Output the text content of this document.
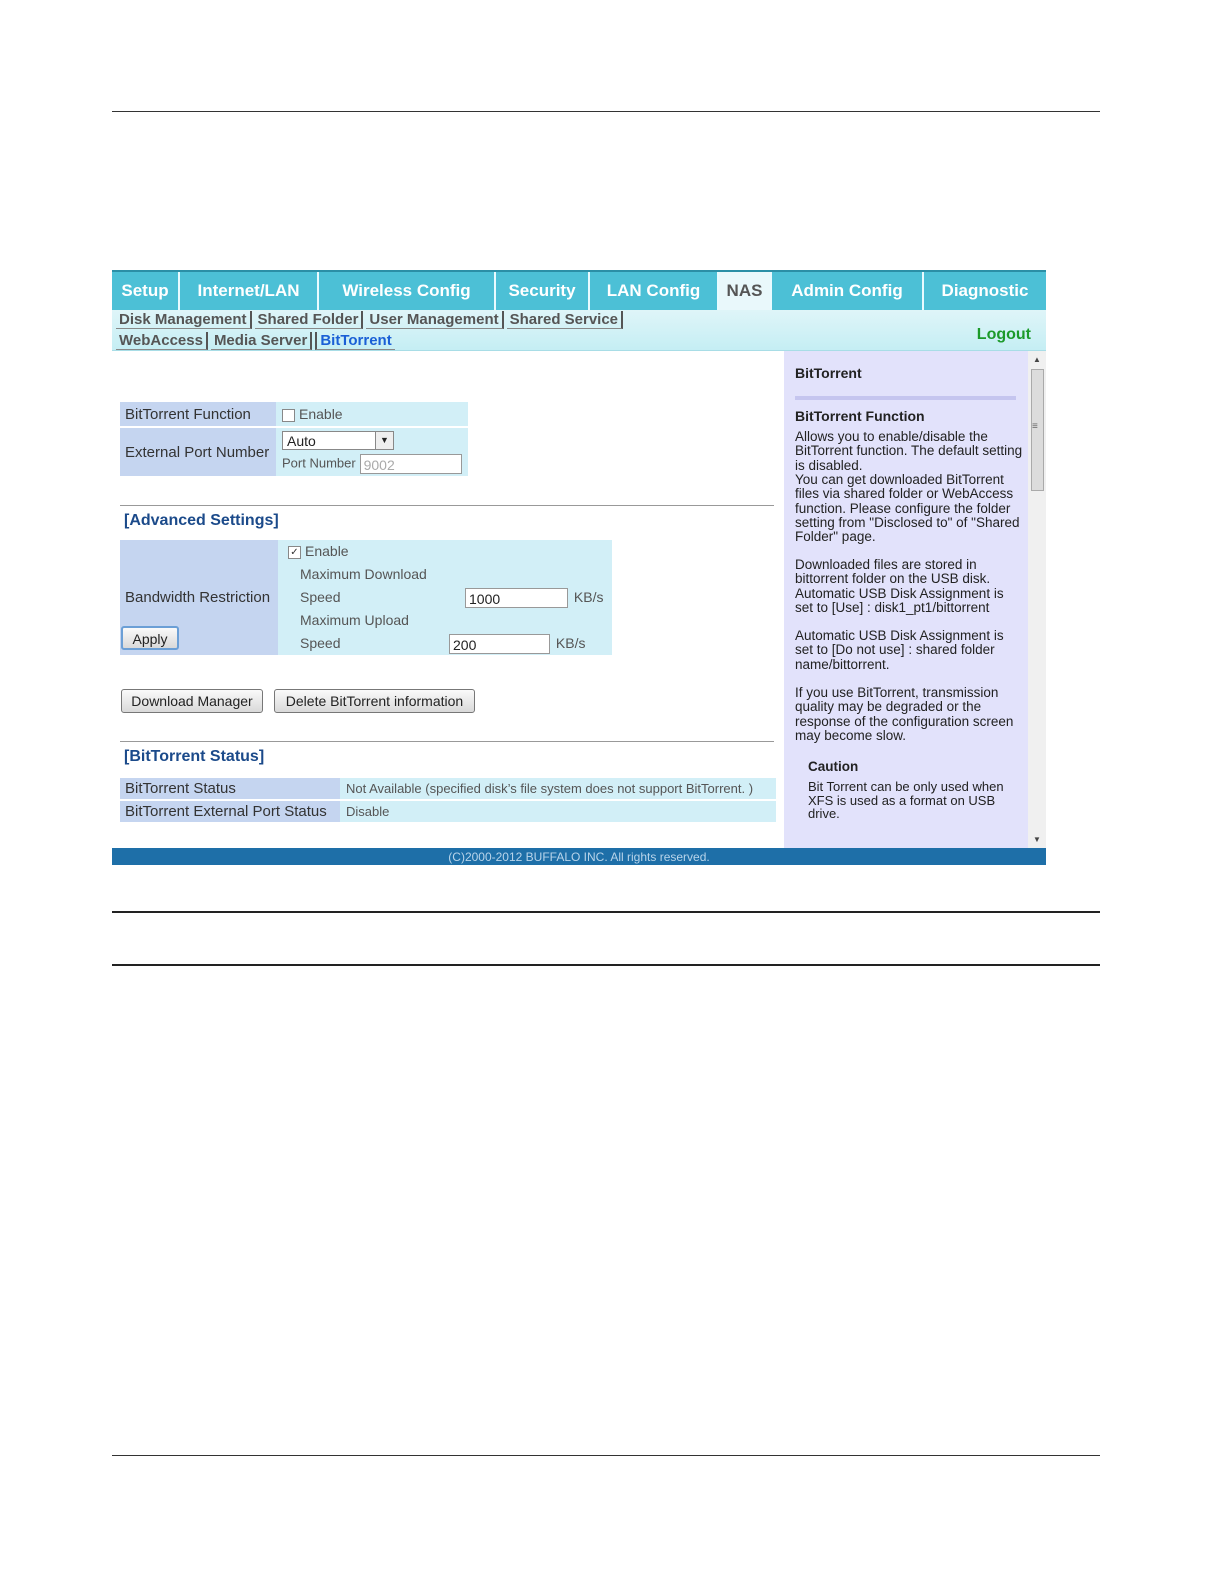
Setup	Internet/LAN	Wireless Config	Security	LAN Config	NAS	Admin Config	Diagnostic
Disk Management Shared Folder User Management Shared Service
WebAccess Media Server BitTorrent	Logout
BitTorrent Function	Enable
External Port Number	Auto ▼
Port Number 9002
[Advanced Settings]
Bandwidth Restriction	
✓ Enable
Maximum Download Speed	1000	KB/s
Maximum Upload Speed	200	KB/s
Apply
Download Manager	Delete BitTorrent information
[BitTorrent Status]
BitTorrent Status	Not Available (specified disk’s file system does not support BitTorrent. )
BitTorrent External Port Status	Disable
BitTorrent
BitTorrent Function
Allows you to enable/disable the BitTorrent function. The default setting is disabled.
You can get downloaded BitTorrent files via shared folder or WebAccess function. Please configure the folder setting from "Disclosed to" of "Shared Folder" page.
Downloaded files are stored in bittorrent folder on the USB disk.
Automatic USB Disk Assignment is set to [Use] : disk1_pt1/bittorrent
Automatic USB Disk Assignment is set to [Do not use] : shared folder name/bittorrent.
If you use BitTorrent, transmission quality may be degraded or the response of the configuration screen may become slow.
Caution
Bit Torrent can be only used when XFS is used as a format on USB drive.
▲
≡
▼
(C)2000-2012 BUFFALO INC. All rights reserved.
